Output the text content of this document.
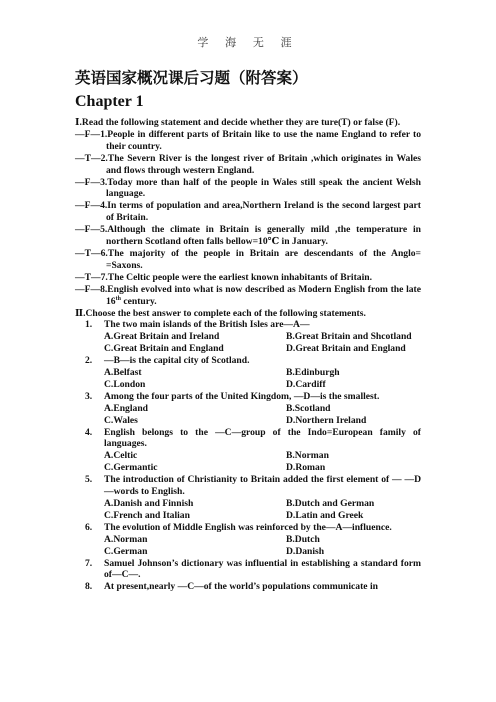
学 海 无 涯
英语国家概况课后习题（附答案）
Chapter 1

Ⅰ.Read the following statement and decide whether they are ture(T) or false (F).

—F—1.People in different parts of Britain like to use the name England to refer to their country.

—T—2.The Severn River is the longest river of Britain ,which originates in Wales and flows through western England.

—F—3.Today more than half of the people in Wales still speak the ancient Welsh language.

—F—4.In terms of population and area,Northern Ireland is the second largest part of Britain.

—F—5.Although the climate in Britain is generally mild ,the temperature in northern Scotland often falls bellow=10℃ in January.

—T—6.The majority of the people in Britain are descendants of the Anglo= =Saxons.

—T—7.The Celtic people were the earliest known inhabitants of Britain.

—F—8.English evolved into what is now described as Modern English from the late 16th century.

Ⅱ.Choose the best answer to complete each of the following statements.

1. The two main islands of the British Isles are—A—

A.Great Britain and Ireland	B.Great Britain and Shcotland
C.Great Britain and England	D.Great Britain and England

2. —B—is the capital city of Scotland.

A.Belfast	B.Edinburgh
C.London	D.Cardiff

3. Among the four parts of the United Kingdom, —D—is the smallest.

A.England	B.Scotland
C.Wales	D.Northern Ireland

4. English belongs to the —C—group of the Indo=European family of languages.

A.Celtic	B.Norman
C.Germantic	D.Roman

5. The introduction of Christianity to Britain added the first element of — —D—words to English.

A.Danish and Finnish	B.Dutch and German
C.French and Italian	D.Latin and Greek

6. The evolution of Middle English was reinforced by the—A—influence.

A.Norman	B.Dutch
C.German	D.Danish

7. Samuel Johnson’s dictionary was influential in establishing a standard form of—C—.

8. At present,nearly —C—of the world’s populations communicate in
